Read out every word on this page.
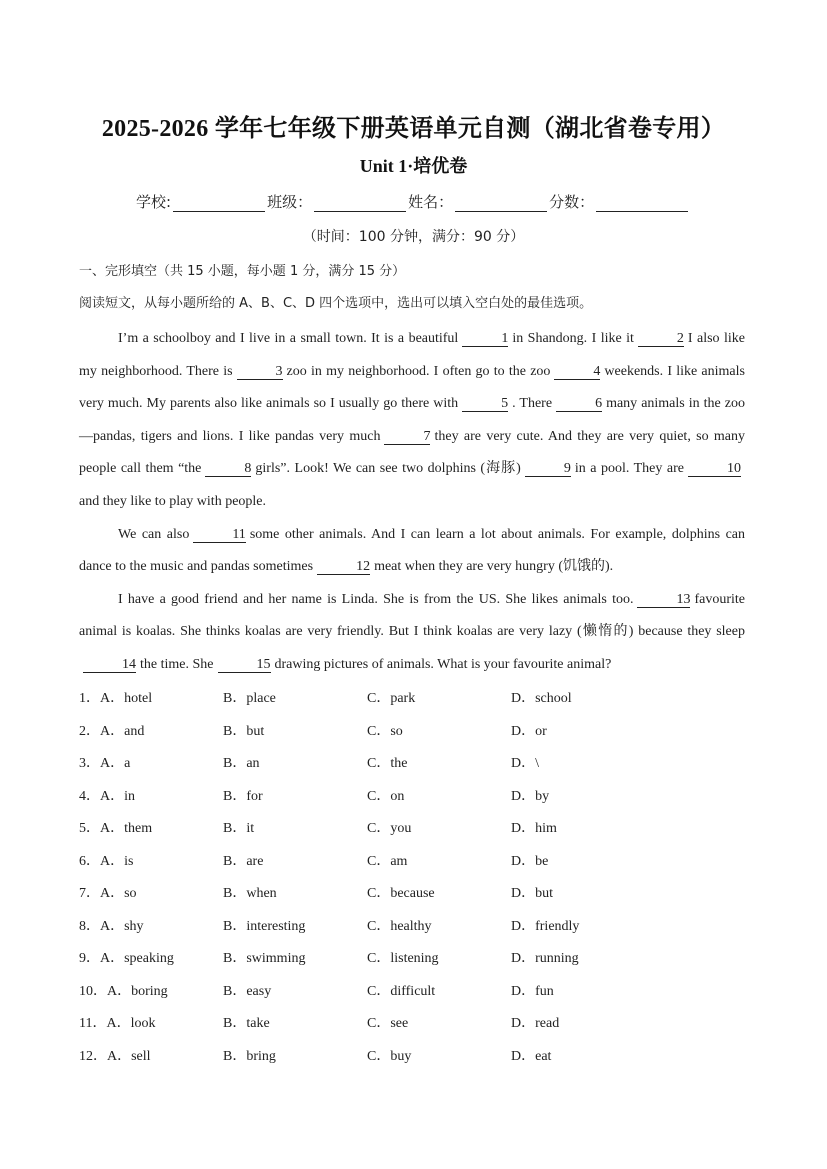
2025-2026 学年七年级下册英语单元自测（湖北省卷专用）
Unit 1·培优卷
学校:	班级：	姓名：	分数：
（时间：100 分钟，满分：90 分）
一、完形填空（共 15 小题，每小题 1 分，满分 15 分）
阅读短文，从每小题所给的 A、B、C、D 四个选项中，选出可以填入空白处的最佳选项。

I’m a schoolboy and I live in a small town. It is a beautiful	1 in Shandong. I like it	2 I also like my neighborhood. There is	3 zoo in my neighborhood. I often go to the zoo	4 weekends. I like animals very much. My parents also like animals so I usually go there with	5 . There	6 many animals in the zoo—pandas, tigers and lions. I like pandas very much	7 they are very cute. And they are very quiet, so many people call them “the	8 girls”. Look! We can see two dolphins (海豚)	9 in a pool. They are	10and they like to play with people.

We can also	11 some other animals. And I can learn a lot about animals. For example, dolphins can dance to the music and pandas sometimes	12 meat when they are very hungry (饥饿的).

I have a good friend and her name is Linda. She is from the US. She likes animals too.	13 favourite animal is koalas. She thinks koalas are very friendly. But I think koalas are very lazy (懒惰的) because they sleep14 the time. She	15 drawing pictures of animals. What is your favourite animal?

1．A．hotel	B．place	C．park	D．school
2．A．and	B．but	C．so	D．or
3．A．a	B．an	C．the	D．\
4．A．in	B．for	C．on	D．by
5．A．them	B．it	C．you	D．him
6．A．is	B．are	C．am	D．be
7．A．so	B．when	C．because	D．but
8．A．shy	B．interesting	C．healthy	D．friendly
9．A．speaking	B．swimming	C．listening	D．running
10．A．boring	B．easy	C．difficult	D．fun
11．A．look	B．take	C．see	D．read
12．A．sell	B．bring	C．buy	D．eat
